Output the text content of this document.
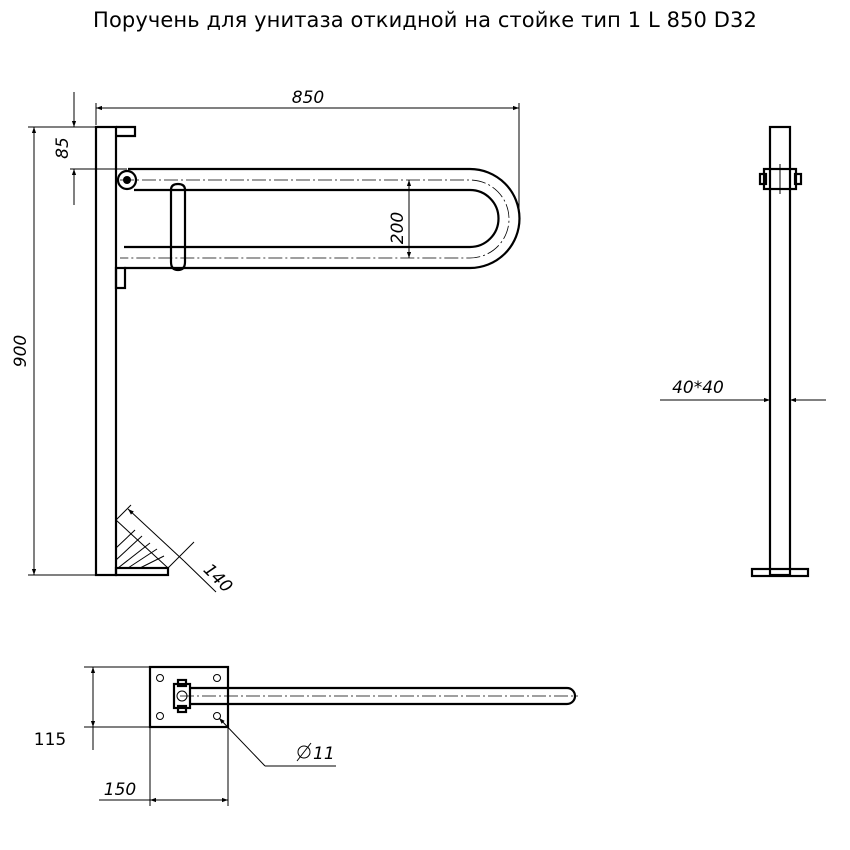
Поручень для унитаза откидной на стойке тип 1 L 850 D32
850
85
900
200
140
40*40
115
150
11
